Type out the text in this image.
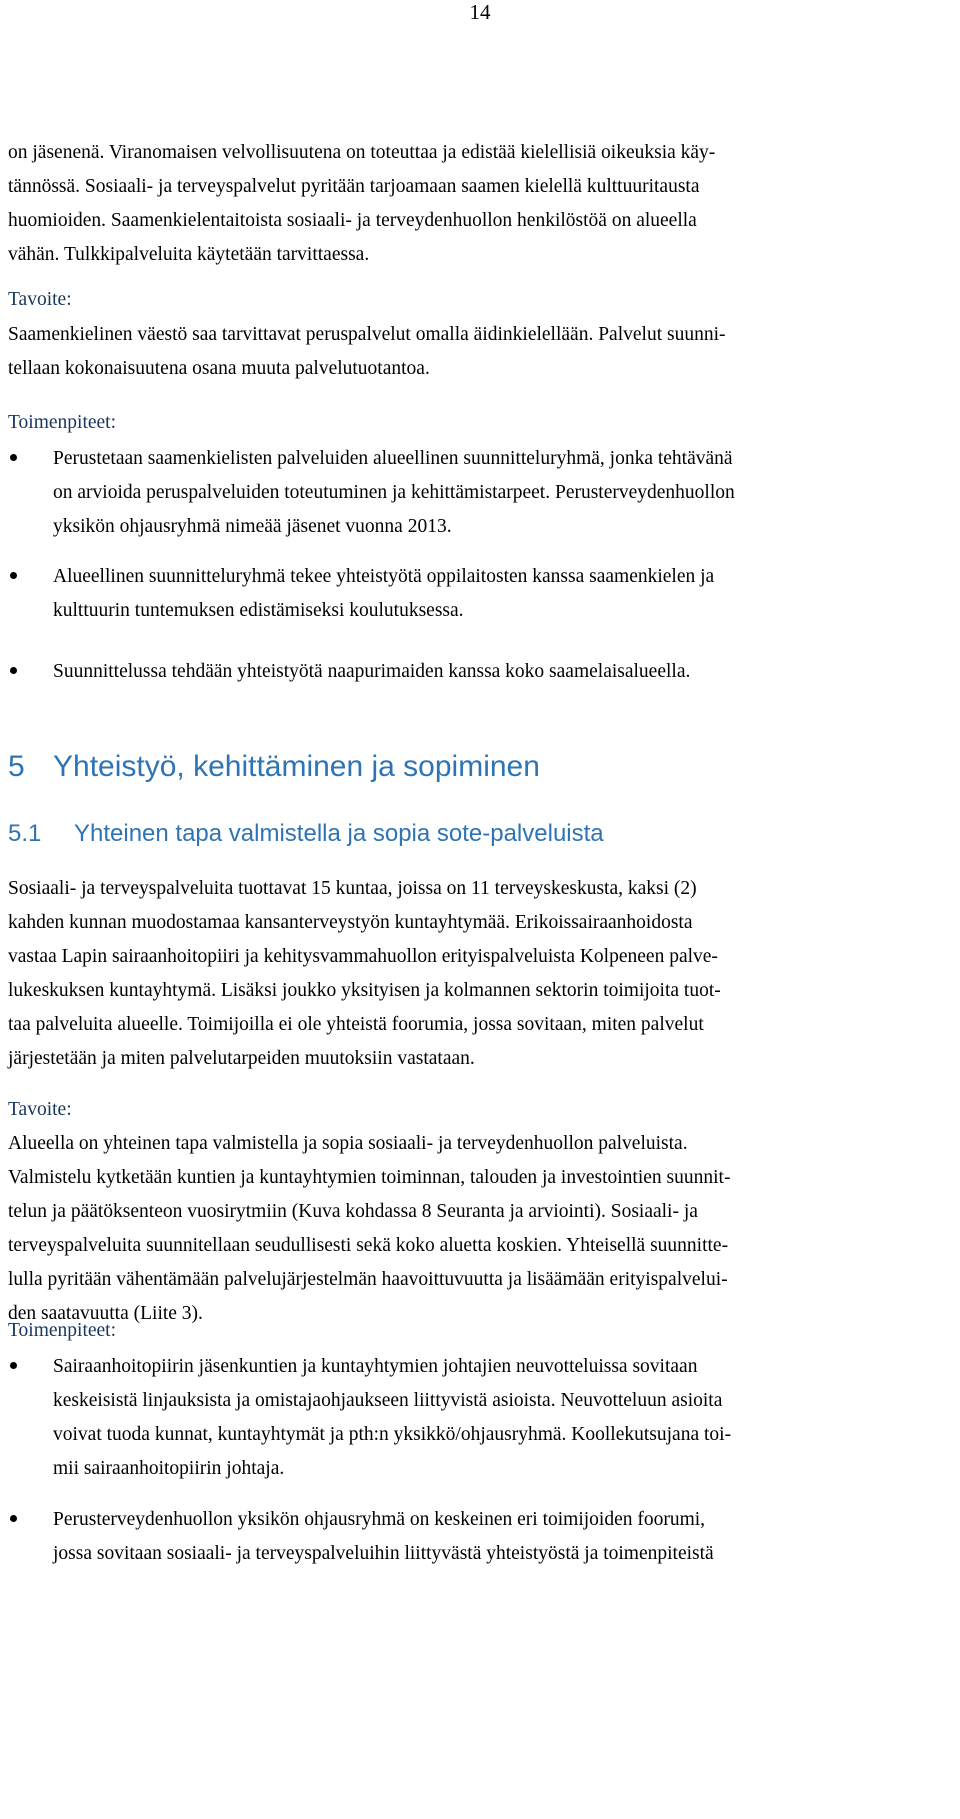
14
on jäsenenä. Viranomaisen velvollisuutena on toteuttaa ja edistää kielellisiä oikeuksia käy-
tännössä. Sosiaali- ja terveyspalvelut pyritään tarjoamaan saamen kielellä kulttuuritausta
huomioiden. Saamenkielentaitoista sosiaali- ja terveydenhuollon henkilöstöä on alueella
vähän. Tulkkipalveluita käytetään tarvittaessa.
Tavoite:
Saamenkielinen väestö saa tarvittavat peruspalvelut omalla äidinkielellään. Palvelut suunni-
tellaan kokonaisuutena osana muuta palvelutuotantoa.
Toimenpiteet:
Perustetaan saamenkielisten palveluiden alueellinen suunnitteluryhmä, jonka tehtävänä
on arvioida peruspalveluiden toteutuminen ja kehittämistarpeet. Perusterveydenhuollon
yksikön ohjausryhmä nimeää jäsenet vuonna 2013.
Alueellinen suunnitteluryhmä tekee yhteistyötä oppilaitosten kanssa saamenkielen ja
kulttuurin tuntemuksen edistämiseksi koulutuksessa.
Suunnittelussa tehdään yhteistyötä naapurimaiden kanssa koko saamelaisalueella.
5 Yhteistyö, kehittäminen ja sopiminen
5.1 Yhteinen tapa valmistella ja sopia sote-palveluista
Sosiaali- ja terveyspalveluita tuottavat 15 kuntaa, joissa on 11 terveyskeskusta, kaksi (2)
kahden kunnan muodostamaa kansanterveystyön kuntayhtymää. Erikoissairaanhoidosta
vastaa Lapin sairaanhoitopiiri ja kehitysvammahuollon erityispalveluista Kolpeneen palve-
lukeskuksen kuntayhtymä. Lisäksi joukko yksityisen ja kolmannen sektorin toimijoita tuot-
taa palveluita alueelle. Toimijoilla ei ole yhteistä foorumia, jossa sovitaan, miten palvelut
järjestetään ja miten palvelutarpeiden muutoksiin vastataan.
Tavoite:
Alueella on yhteinen tapa valmistella ja sopia sosiaali- ja terveydenhuollon palveluista.
Valmistelu kytketään kuntien ja kuntayhtymien toiminnan, talouden ja investointien suunnit-
telun ja päätöksenteon vuosirytmiin (Kuva kohdassa 8 Seuranta ja arviointi). Sosiaali- ja
terveyspalveluita suunnitellaan seudullisesti sekä koko aluetta koskien. Yhteisellä suunnitte-
lulla pyritään vähentämään palvelujärjestelmän haavoittuvuutta ja lisäämään erityispalvelui-
den saatavuutta (Liite 3).
Toimenpiteet:
Sairaanhoitopiirin jäsenkuntien ja kuntayhtymien johtajien neuvotteluissa sovitaan
keskeisistä linjauksista ja omistajaohjaukseen liittyvistä asioista. Neuvotteluun asioita
voivat tuoda kunnat, kuntayhtymät ja pth:n yksikkö/ohjausryhmä. Koollekutsujana toi-
mii sairaanhoitopiirin johtaja.
Perusterveydenhuollon yksikön ohjausryhmä on keskeinen eri toimijoiden foorumi,
jossa sovitaan sosiaali- ja terveyspalveluihin liittyvästä yhteistyöstä ja toimenpiteistä
